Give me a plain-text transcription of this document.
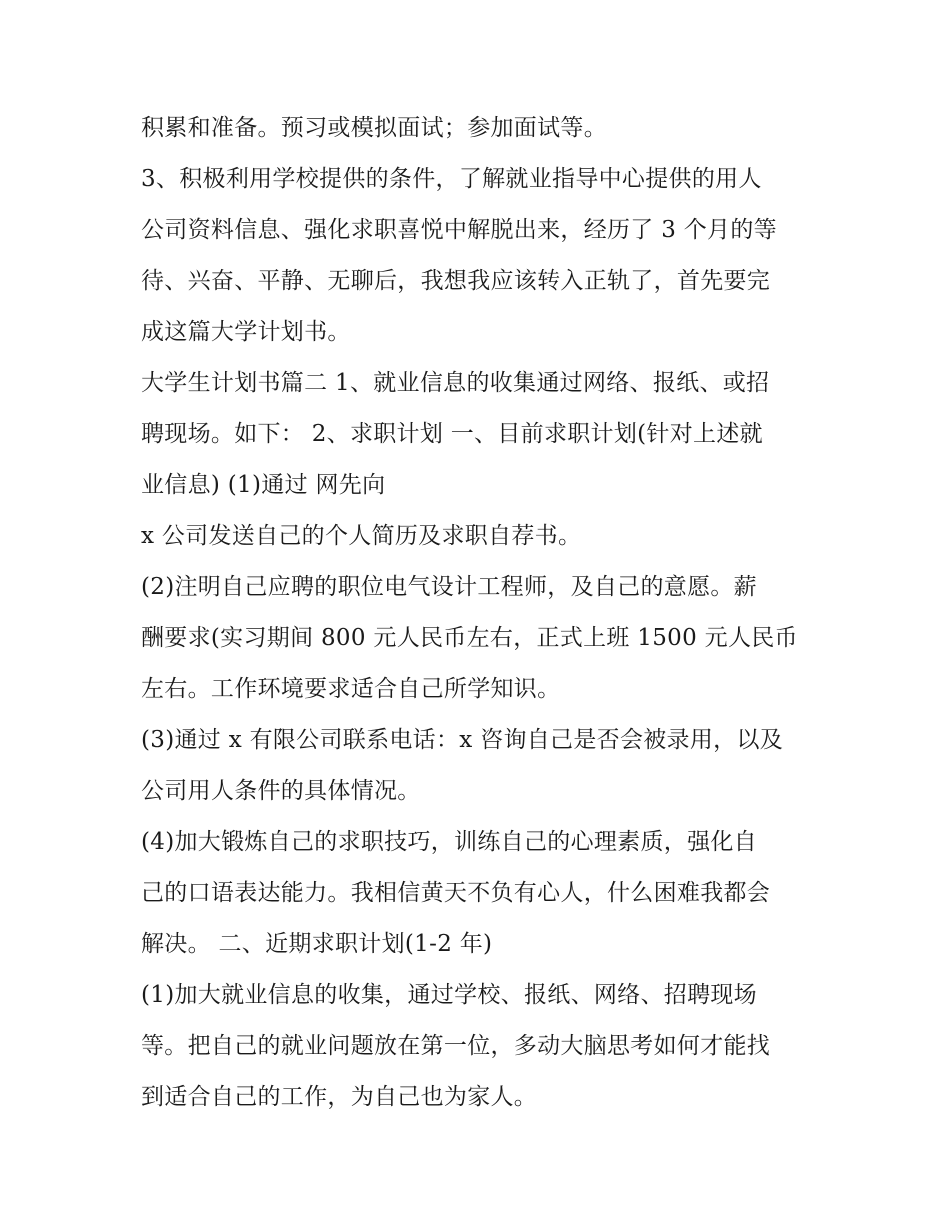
积累和准备。预习或模拟面试；参加面试等。
3、积极利用学校提供的条件，了解就业指导中心提供的用人
公司资料信息、强化求职喜悦中解脱出来，经历了 3 个月的等
待、兴奋、平静、无聊后，我想我应该转入正轨了，首先要完
成这篇大学计划书。
大学生计划书篇二 1、就业信息的收集通过网络、报纸、或招
聘现场。如下： 2、求职计划 一、目前求职计划(针对上述就
业信息) (1)通过 网先向
x 公司发送自己的个人简历及求职自荐书。
(2)注明自己应聘的职位电气设计工程师，及自己的意愿。薪
酬要求(实习期间 800 元人民币左右，正式上班 1500 元人民币
左右。工作环境要求适合自己所学知识。
(3)通过 x 有限公司联系电话：x 咨询自己是否会被录用，以及
公司用人条件的具体情况。
(4)加大锻炼自己的求职技巧，训练自己的心理素质，强化自
己的口语表达能力。我相信黄天不负有心人，什么困难我都会
解决。 二、近期求职计划(1-2 年)
(1)加大就业信息的收集，通过学校、报纸、网络、招聘现场
等。把自己的就业问题放在第一位，多动大脑思考如何才能找
到适合自己的工作，为自己也为家人。
